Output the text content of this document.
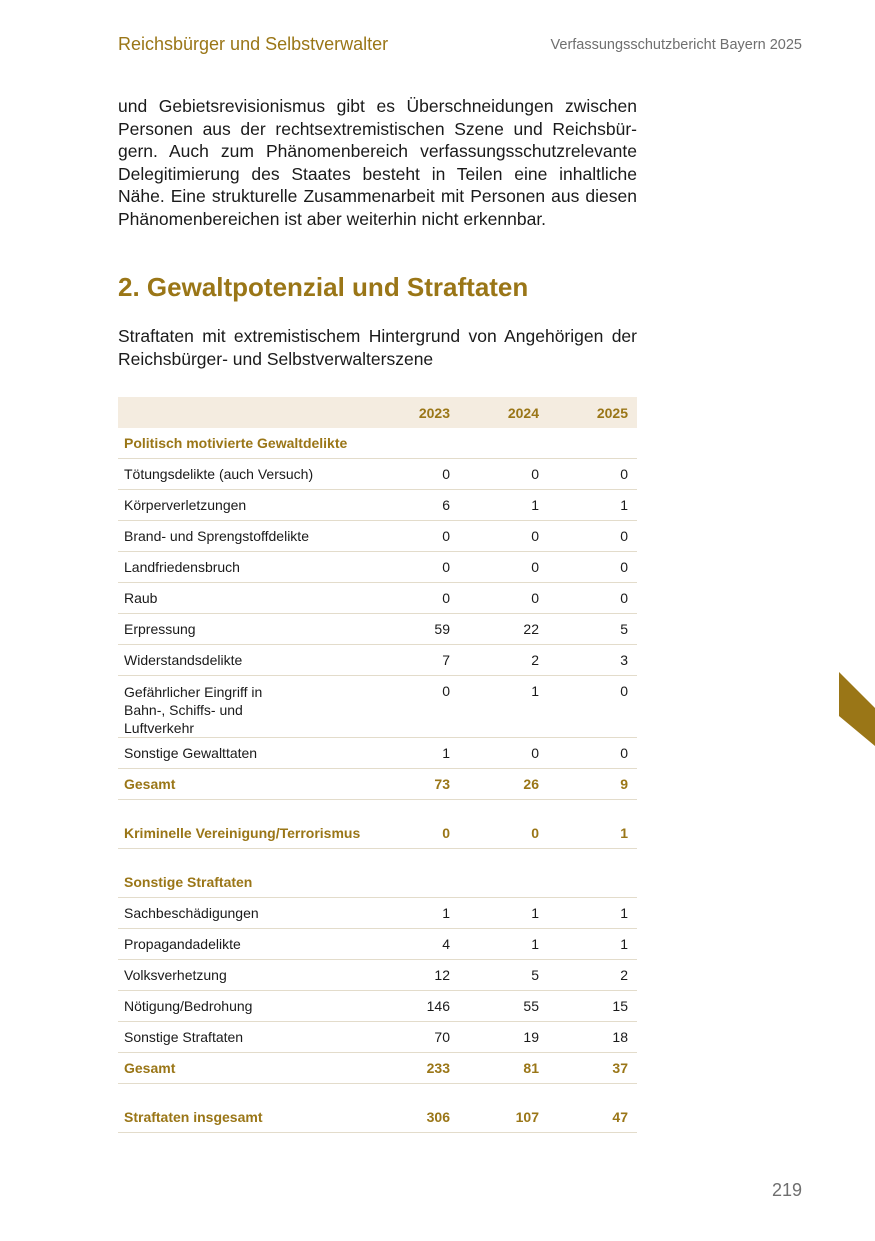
Reichsbürger und Selbstverwalter	Verfassungsschutzbericht Bayern 2025

und Gebietsrevisionismus gibt es Überschneidungen zwischen Personen aus der rechtsextremistischen Szene und Reichsbürgern. Auch zum Phänomenbereich verfassungsschutzrelevante Delegitimierung des Staates besteht in Teilen eine inhaltliche Nähe. Eine strukturelle Zusammenarbeit mit Personen aus diesen Phänomenbereichen ist aber weiterhin nicht erkennbar.

2. Gewaltpotenzial und Straftaten

Straftaten mit extremistischem Hintergrund von Angehörigen der Reichsbürger- und Selbstverwalterszene

	2023	2024	2025
Politisch motivierte Gewaltdelikte			
Tötungsdelikte (auch Versuch)	0	0	0
Körperverletzungen	6	1	1
Brand- und Sprengstoffdelikte	0	0	0
Landfriedensbruch	0	0	0
Raub	0	0	0
Erpressung	59	22	5
Widerstandsdelikte	7	2	3
Gefährlicher Eingriff in Bahn-, Schiffs- und Luftverkehr	0	1	0
Sonstige Gewalttaten	1	0	0
Gesamt	73	26	9

Kriminelle Vereinigung/Terrorismus	0	0	1

Sonstige Straftaten			
Sachbeschädigungen	1	1	1
Propagandadelikte	4	1	1
Volksverhetzung	12	5	2
Nötigung/Bedrohung	146	55	15
Sonstige Straftaten	70	19	18
Gesamt	233	81	37

Straftaten insgesamt	306	107	47
219
